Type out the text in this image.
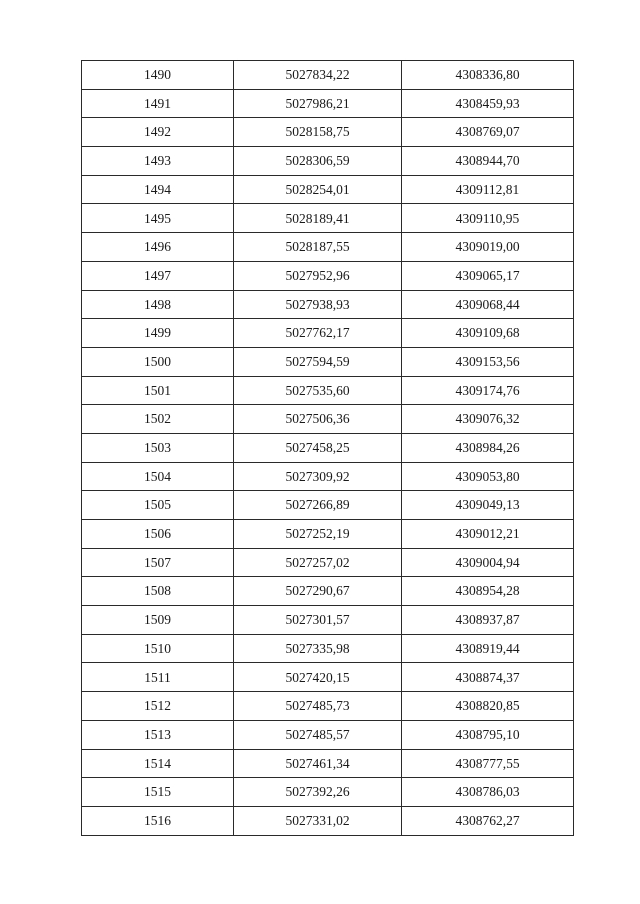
1490	5027834,22	4308336,80
1491	5027986,21	4308459,93
1492	5028158,75	4308769,07
1493	5028306,59	4308944,70
1494	5028254,01	4309112,81
1495	5028189,41	4309110,95
1496	5028187,55	4309019,00
1497	5027952,96	4309065,17
1498	5027938,93	4309068,44
1499	5027762,17	4309109,68
1500	5027594,59	4309153,56
1501	5027535,60	4309174,76
1502	5027506,36	4309076,32
1503	5027458,25	4308984,26
1504	5027309,92	4309053,80
1505	5027266,89	4309049,13
1506	5027252,19	4309012,21
1507	5027257,02	4309004,94
1508	5027290,67	4308954,28
1509	5027301,57	4308937,87
1510	5027335,98	4308919,44
1511	5027420,15	4308874,37
1512	5027485,73	4308820,85
1513	5027485,57	4308795,10
1514	5027461,34	4308777,55
1515	5027392,26	4308786,03
1516	5027331,02	4308762,27
